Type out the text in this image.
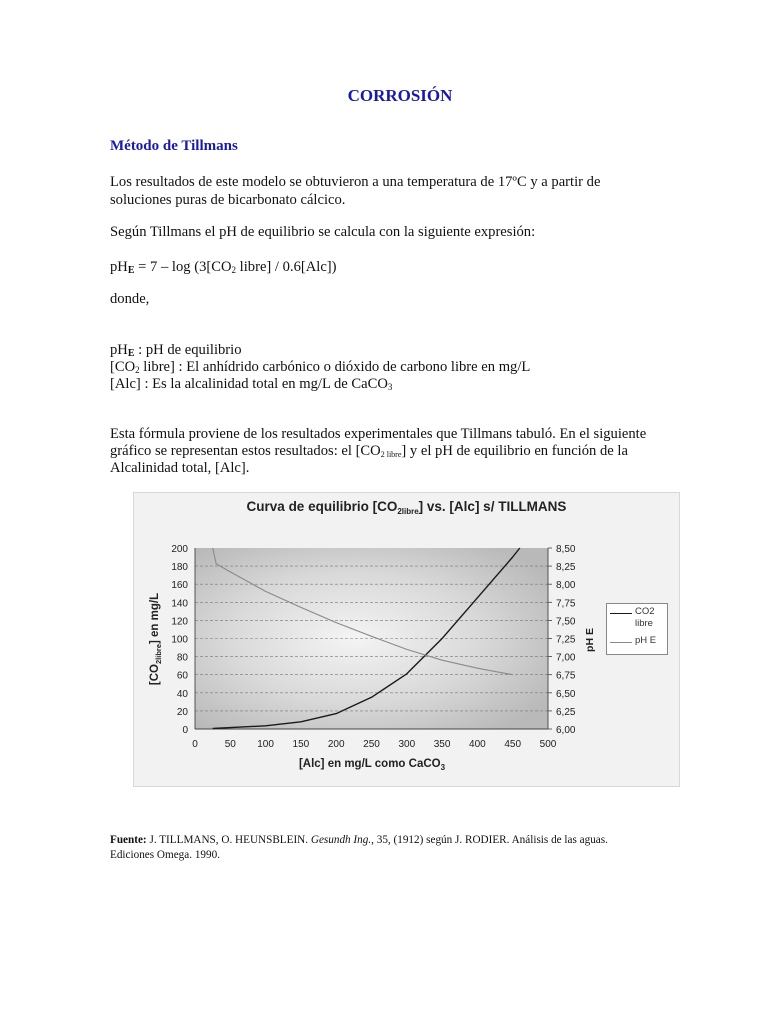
CORROSIÓN
Método de Tillmans
Los resultados de este modelo se obtuvieron a una temperatura de 17ºC y a partir de soluciones puras de bicarbonato cálcico.
Según Tillmans el pH de equilibrio se calcula con la siguiente expresión:
$pH_E = 7 - \log (3[CO_2$ libre] / 0.6[Alc])
donde,
$pH_E$ : pH de equilibrio
[$CO_2$ libre] : El anhídrido carbónico o dióxido de carbono libre en mg/L
[Alc] : Es la alcalinidad total en mg/L de CaCO$_3$
Esta fórmula proviene de los resultados experimentales que Tillmans tabuló. En el siguiente
gráfico se representan estos resultados: el $[CO_{2 libre}]$ y el pH de equilibrio en función de la
Alcalinidad total, [Alc].
Curva de equilibrio $[CO_{2libre}]$ vs. [Alc] s/ TILLMANS
0
20
40
60
80
100
120
140
160
180
200
6,00
6,25
6,50
6,75
7,00
7,25
7,50
7,75
8,00
8,25
8,50
0	50 100 150 200 250 300 350 400 450 500
[Alc] en mg/L como CaCO$_3$
$[CO_{2libre}]$ en mg/L	pH E
CO2
libre
pH E
Fuente: J. TILLMANS, O. HEUNSBLEIN. Gesundh Ing., 35, (1912) según J. RODIER. Análisis de las aguas.
Ediciones Omega. 1990.
